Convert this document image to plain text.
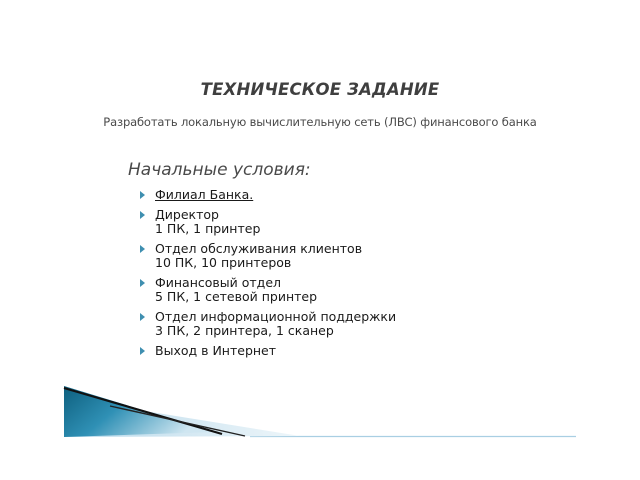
ТЕХНИЧЕСКОЕ ЗАДАНИЕ
Разработать локальную вычислительную сеть (ЛВС) финансового банка
Начальные условия:
Филиал Банка.
Директор
1 ПК, 1 принтер
Отдел обслуживания клиентов
10 ПК, 10 принтеров
Финансовый отдел
5 ПК, 1 сетевой принтер
Отдел информационной поддержки
3 ПК, 2 принтера, 1 сканер
Выход в Интернет
